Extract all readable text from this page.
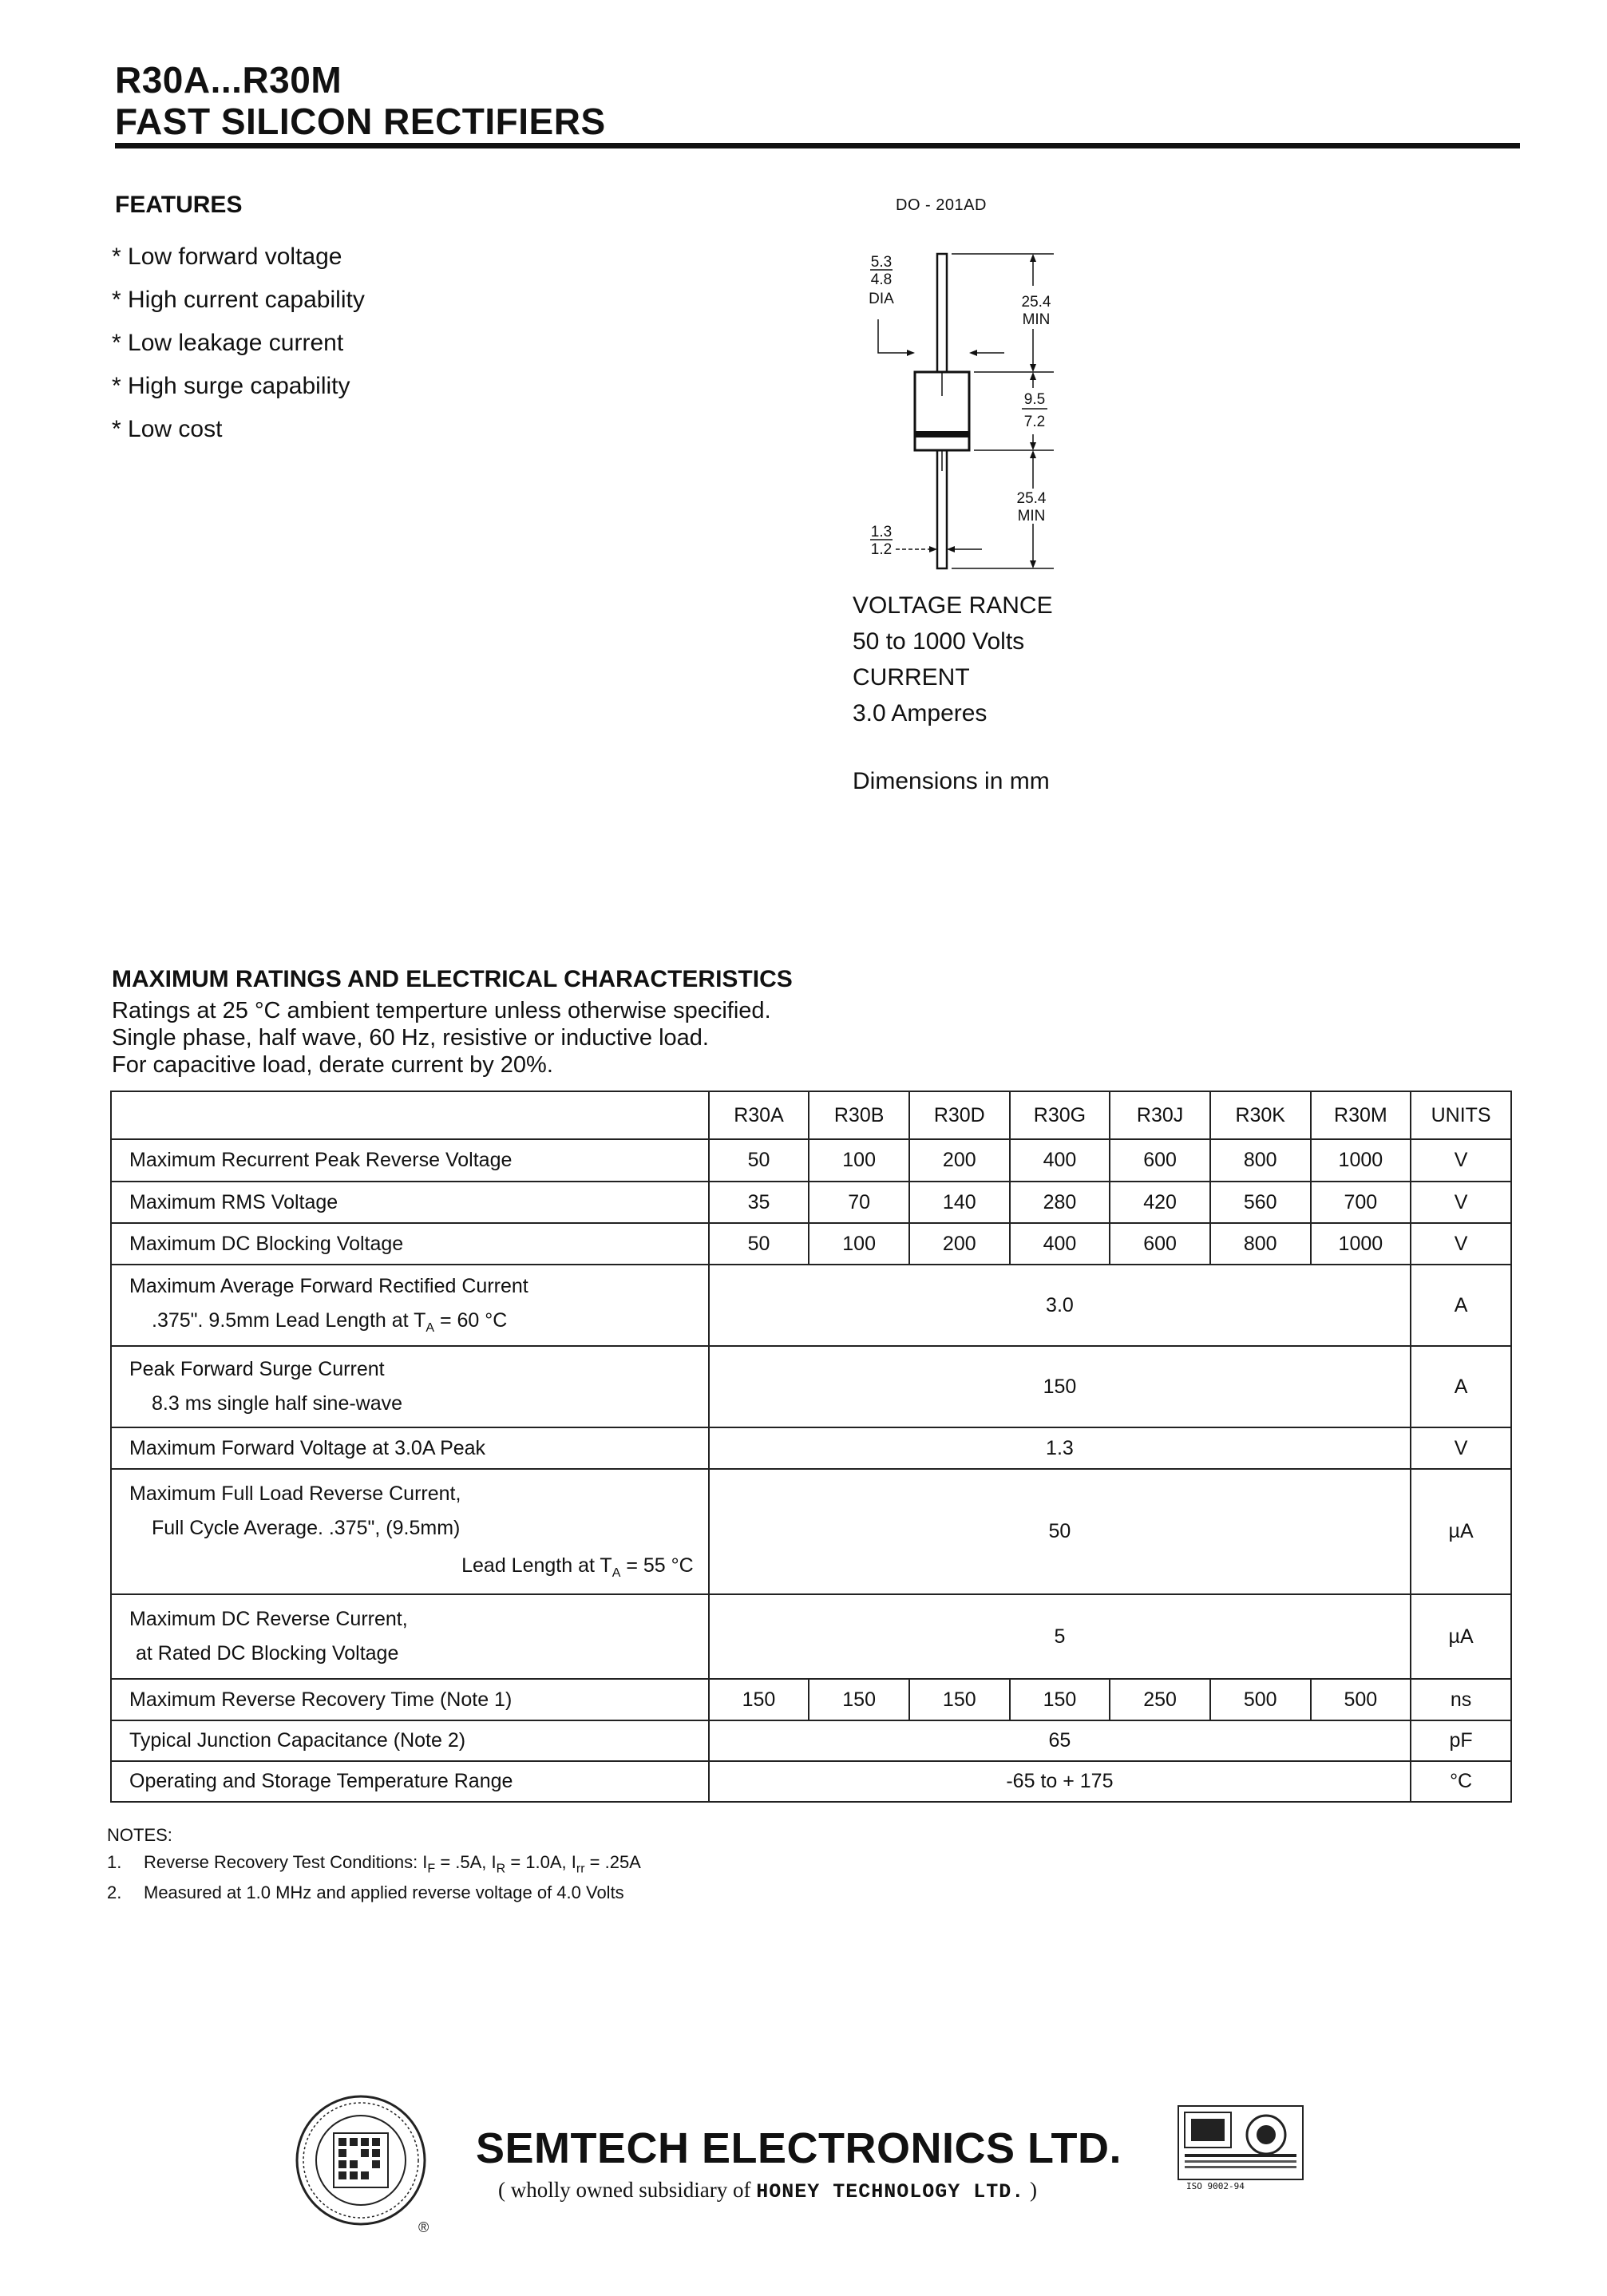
R30A...R30M
FAST SILICON RECTIFIERS
FEATURES
* Low forward voltage
* High current capability
* Low leakage current
* High surge capability
* Low cost
DO - 201AD
25.4
MIN
9.5
7.2
25.4
MIN
5.3
4.8
DIA
1.3
1.2
VOLTAGE RANCE
50 to 1000 Volts
CURRENT
3.0 Amperes
Dimensions in mm
MAXIMUM RATINGS AND ELECTRICAL CHARACTERISTICS
Ratings at 25 °C ambient temperture unless otherwise specified.
Single phase, half wave, 60 Hz, resistive or inductive load.
For capacitive load, derate current by 20%.
	R30A	R30B	R30D	R30G	R30J	R30K	R30M	UNITS
Maximum Recurrent Peak Reverse Voltage	50	100	200	400	600	800	1000	V
Maximum RMS Voltage	35	70	140	280	420	560	700	V
Maximum DC Blocking Voltage	50	100	200	400	600	800	1000	V

Maximum Average Forward Rectified Current
.375". 9.5mm Lead Length at $T_A = 60$ °C	3.0							A

Peak Forward Surge Current
8.3 ms single half sine-wave	150							A
Maximum Forward Voltage at 3.0A Peak	1.3							V

Maximum Full Load Reverse Current,
Full Cycle Average. .375", (9.5mm)
Lead Length at $T_A = 55$ °C	50							µA

Maximum DC Reverse Current,
at Rated DC Blocking Voltage	5							µA
Maximum Reverse Recovery Time (Note 1)	150	150	150	150	250	500	500	ns
Typical Junction Capacitance (Note 2)	65							pF
Operating and Storage Temperature Range	-65 to + 175							°C
NOTES:
1. Reverse Recovery Test Conditions: $I_F = .5A$, $I_R = 1.0A$, $I_{rr} = .25A$
2. Measured at 1.0 MHz and applied reverse voltage of 4.0 Volts
®
SEMTECH ELECTRONICS LTD.
( wholly owned subsidiary of HONEY TECHNOLOGY LTD. )	ISO 9002-94
